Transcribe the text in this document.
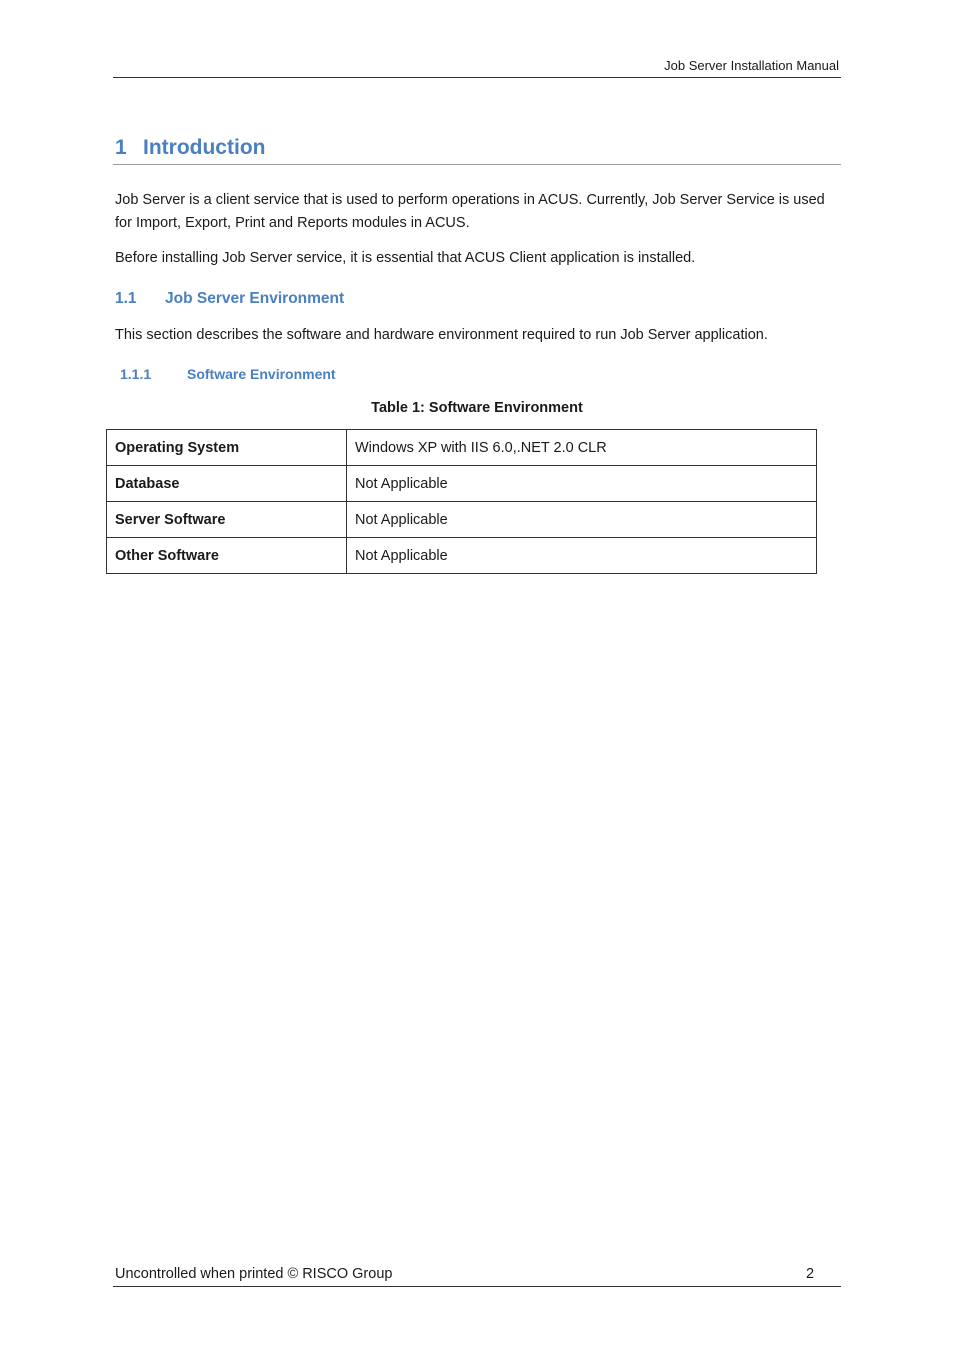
Job Server Installation Manual
1 Introduction
Job Server is a client service that is used to perform operations in ACUS. Currently, Job Server Service is used for Import, Export, Print and Reports modules in ACUS.
Before installing Job Server service, it is essential that ACUS Client application is installed.
1.1 Job Server Environment
This section describes the software and hardware environment required to run Job Server application.
1.1.1	Software Environment
Table 1: Software Environment
Operating System	Windows XP with IIS 6.0,.NET 2.0 CLR
Database	Not Applicable
Server Software	Not Applicable
Other Software	Not Applicable
Uncontrolled when printed © RISCO Group	2
